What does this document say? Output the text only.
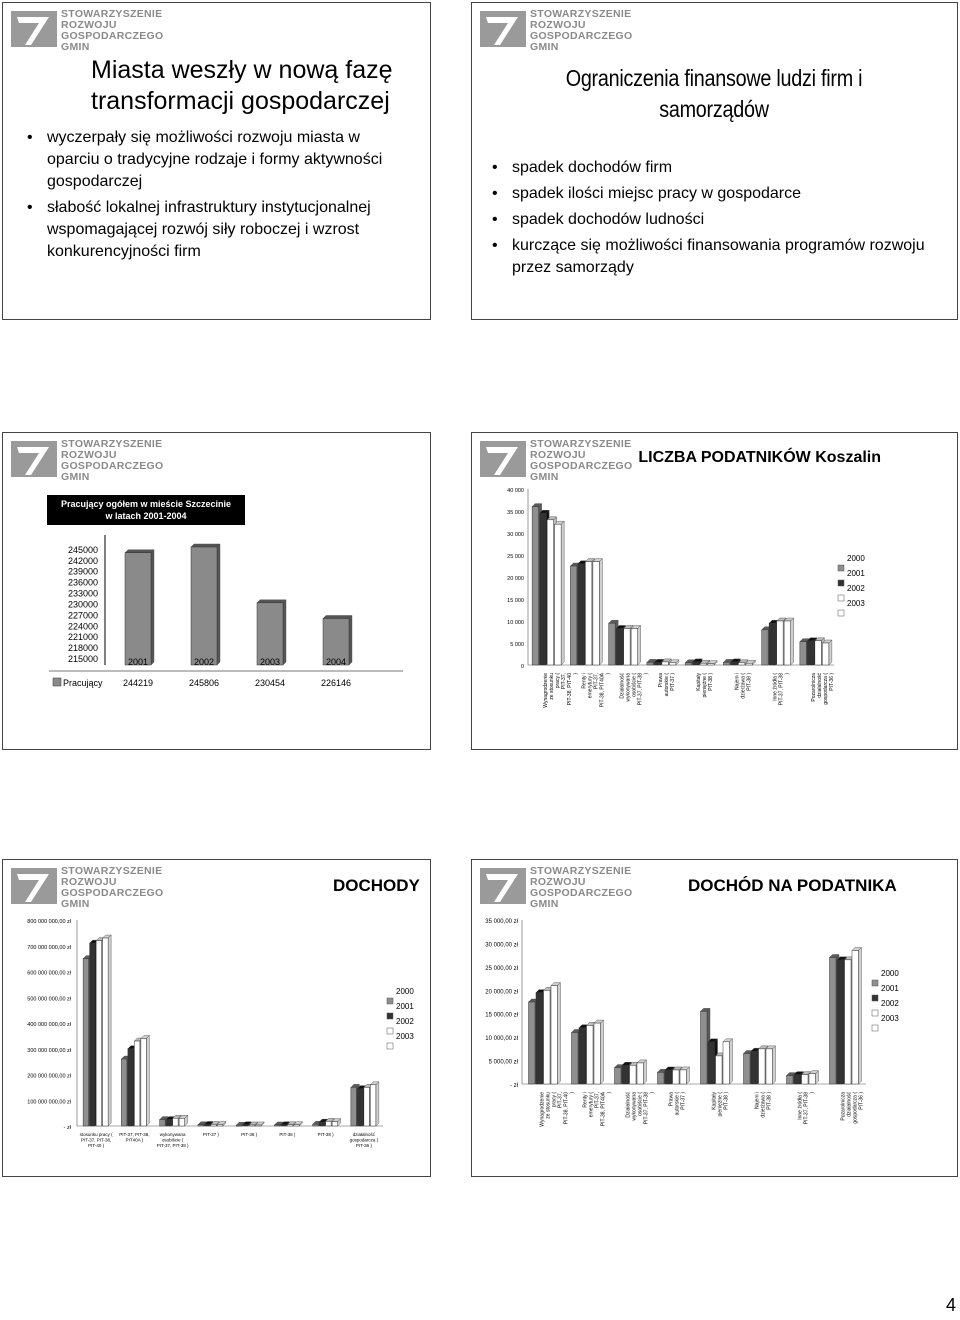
STOWARZYSZENIE
ROZWOJU
GOSPODARCZEGO
GMIN
Miasta weszły w nową fazę transformacji gospodarczej
• wyczerpały się możliwości rozwoju miasta w oparciu o tradycyjne rodzaje i formy aktywności gospodarczej
• słabość lokalnej infrastruktury instytucjonalnej wspomagającej rozwój siły roboczej i wzrost konkurencyjności firm
STOWARZYSZENIE
ROZWOJU
GOSPODARCZEGO
GMIN
Ograniczenia finansowe ludzi firm i samorządów
• spadek dochodów firm
• spadek ilości miejsc pracy w gospodarce
• spadek dochodów ludności
• kurczące się możliwości finansowania programów rozwoju przez samorządy
STOWARZYSZENIE
ROZWOJU
GOSPODARCZEGO
GMIN
Pracujący ogółem w mieście Szczecinie
w latach 2001-2004
245000
242000
239000
236000
233000
230000
227000
224000
221000
218000
215000	2001	2002	2003	2004
Pracujący 244219	245806	230454	226146
STOWARZYSZENIE
ROZWOJU
GOSPODARCZEGO
GMIN
LICZBA PODATNIKÓW Koszalin
40 000
35 000
30 000
25 000
20 000
15 000
10 000
5 000
0
Wynagrodzenieze stosunkupracy (PIT-37,PIT-38, PIT-40) Renty iemerytury (PIT-37,PIT-38, PIT40A) Działalnośćwykonywanaosobiście (PIT-37, PIT-38) Prawaautorskie (PIT-37 )	Kapitałypieniężne (PIT-38 )	Najem idzierżawa (PIT-38 )	Inne źródła (PIT-37, PIT-38)	Pozarolniczadziałalnośćgospodarcza (PIT-36 )
2000
2001
2002
2003
STOWARZYSZENIE
ROZWOJU
GOSPODARCZEGO
GMIN
DOCHODY
800 000 000,00 zł
700 000 000,00 zł
600 000 000,00 zł
500 000 000,00 zł
400 000 000,00 zł
300 000 000,00 zł
200 000 000,00 zł
100 000 000,00 zł
- zł
stosunku pracy ( PIT-37, PIT-38, PIT-40 )
PIT-37, PIT-38, PIT40A )
wykonywana osobiście ( PIT-37, PIT-38 )
PIT-37 )	PIT-38 )	PIT-38 )	PIT-38 )	działalność gospodarcza ( PIT-36 )
2000
2001
2002
2003
STOWARZYSZENIE
ROZWOJU
GOSPODARCZEGO
GMIN
DOCHÓD NA PODATNIKA
35 000,00 zł
30 000,00 zł
25 000,00 zł
20 000,00 zł
15 000,00 zł
10 000,00 zł
5 000,00 zł
- zł
Wynagrodzenieze stosunkupracy (PIT-37,PIT-38, PIT-40) Renty iemerytury (PIT-37,PIT-38, PIT40A)	Działalnośćwykonywanaosobiście (PIT-37, PIT-38)	Prawaautorskie (PIT-37 )	Kapitałypieniężne (PIT-38 )	Najem idzierżawa (PIT-38 )	Inne źródła (PIT-37, PIT-38)	Pozarolniczadziałalnośćgospodarcza (PIT-36 )
2000
2001
2002
2003
4
